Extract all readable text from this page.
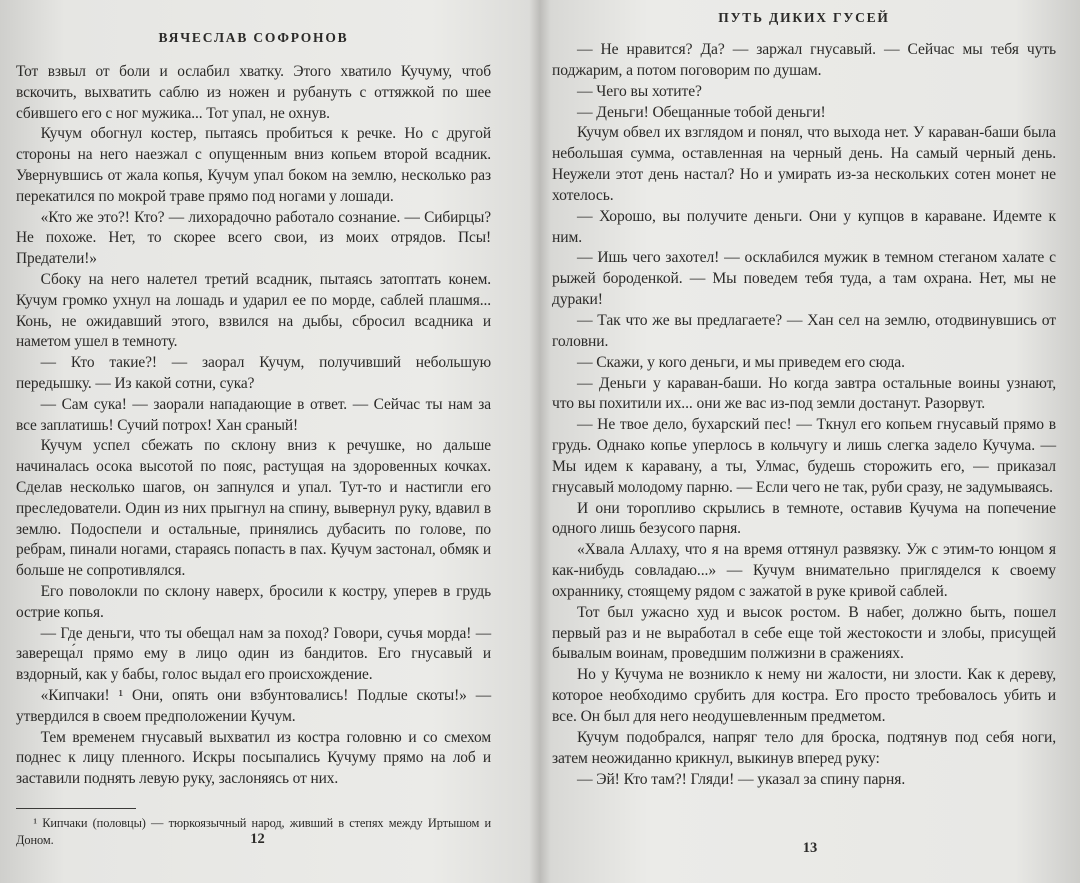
ВЯЧЕСЛАВ СОФРОНОВ

Тот взвыл от боли и ослабил хватку. Этого хватило Кучуму, чтоб вскочить, выхватить саблю из ножен и рубануть с оттяжкой по шее сбившего его с ног мужика... Тот упал, не охнув.

Кучум обогнул костер, пытаясь пробиться к речке. Но с другой стороны на него наезжал с опущенным вниз копьем второй всадник. Увернувшись от жала копья, Кучум упал боком на землю, несколько раз перекатился по мокрой траве прямо под ногами у лошади.

«Кто же это?! Кто? — лихорадочно работало сознание. — Сибирцы? Не похоже. Нет, то скорее всего свои, из моих отрядов. Псы! Предатели!»

Сбоку на него налетел третий всадник, пытаясь затоптать конем. Кучум громко ухнул на лошадь и ударил ее по морде, саблей плашмя... Конь, не ожидавший этого, взвился на дыбы, сбросил всадника и наметом ушел в темноту.

— Кто такие?! — заорал Кучум, получивший небольшую передышку. — Из какой сотни, сука?

— Сам сука! — заорали нападающие в ответ. — Сейчас ты нам за все заплатишь! Сучий потрох! Хан сраный!

Кучум успел сбежать по склону вниз к речушке, но дальше начиналась осока высотой по пояс, растущая на здоровенных кочках. Сделав несколько шагов, он запнулся и упал. Тут-то и настигли его преследователи. Один из них прыгнул на спину, вывернул руку, вдавил в землю. Подоспели и остальные, принялись дубасить по голове, по ребрам, пинали ногами, стараясь попасть в пах. Кучум застонал, обмяк и больше не сопротивлялся.

Его поволокли по склону наверх, бросили к костру, уперев в грудь острие копья.

— Где деньги, что ты обещал нам за поход? Говори, сучья морда! — завереща́л прямо ему в лицо один из бандитов. Его гнусавый и вздорный, как у бабы, голос выдал его происхождение.

«Кипчаки! ¹ Они, опять они взбунтовались! Подлые скоты!» — утвердился в своем предположении Кучум.

Тем временем гнусавый выхватил из костра головню и со смехом поднес к лицу пленного. Искры посыпались Кучуму прямо на лоб и заставили поднять левую руку, заслоняясь от них.

¹ Кипчаки (половцы) — тюркоязычный народ, живший в степях между Иртышом и Доном.	12
ПУТЬ ДИКИХ ГУСЕЙ

— Не нравится? Да? — заржал гнусавый. — Сейчас мы тебя чуть поджарим, а потом поговорим по душам.

— Чего вы хотите?

— Деньги! Обещанные тобой деньги!

Кучум обвел их взглядом и понял, что выхода нет. У караван-баши была небольшая сумма, оставленная на черный день. На самый черный день. Неужели этот день настал? Но и умирать из-за нескольких сотен монет не хотелось.

— Хорошо, вы получите деньги. Они у купцов в караване. Идемте к ним.

— Ишь чего захотел! — осклабился мужик в темном стеганом халате с рыжей бороденкой. — Мы поведем тебя туда, а там охрана. Нет, мы не дураки!

— Так что же вы предлагаете? — Хан сел на землю, отодвинувшись от головни.

— Скажи, у кого деньги, и мы приведем его сюда.

— Деньги у караван-баши. Но когда завтра остальные воины узнают, что вы похитили их... они же вас из-под земли достанут. Разорвут.

— Не твое дело, бухарский пес! — Ткнул его копьем гнусавый прямо в грудь. Однако копье уперлось в кольчугу и лишь слегка задело Кучума. — Мы идем к каравану, а ты, Улмас, будешь сторожить его, — приказал гнусавый молодому парню. — Если чего не так, руби сразу, не задумываясь.

И они торопливо скрылись в темноте, оставив Кучума на попечение одного лишь безусого парня.

«Хвала Аллаху, что я на время оттянул развязку. Уж с этим-то юнцом я как-нибудь совладаю...» — Кучум внимательно пригляделся к своему охраннику, стоящему рядом с зажатой в руке кривой саблей.

Тот был ужасно худ и высок ростом. В набег, должно быть, пошел первый раз и не выработал в себе еще той жестокости и злобы, присущей бывалым воинам, проведшим полжизни в сражениях.

Но у Кучума не возникло к нему ни жалости, ни злости. Как к дереву, которое необходимо срубить для костра. Его просто требовалось убить и все. Он был для него неодушевленным предметом.

Кучум подобрался, напряг тело для броска, подтянув под себя ноги, затем неожиданно крикнул, выкинув вперед руку:

— Эй! Кто там?! Гляди! — указал за спину парня.

13
